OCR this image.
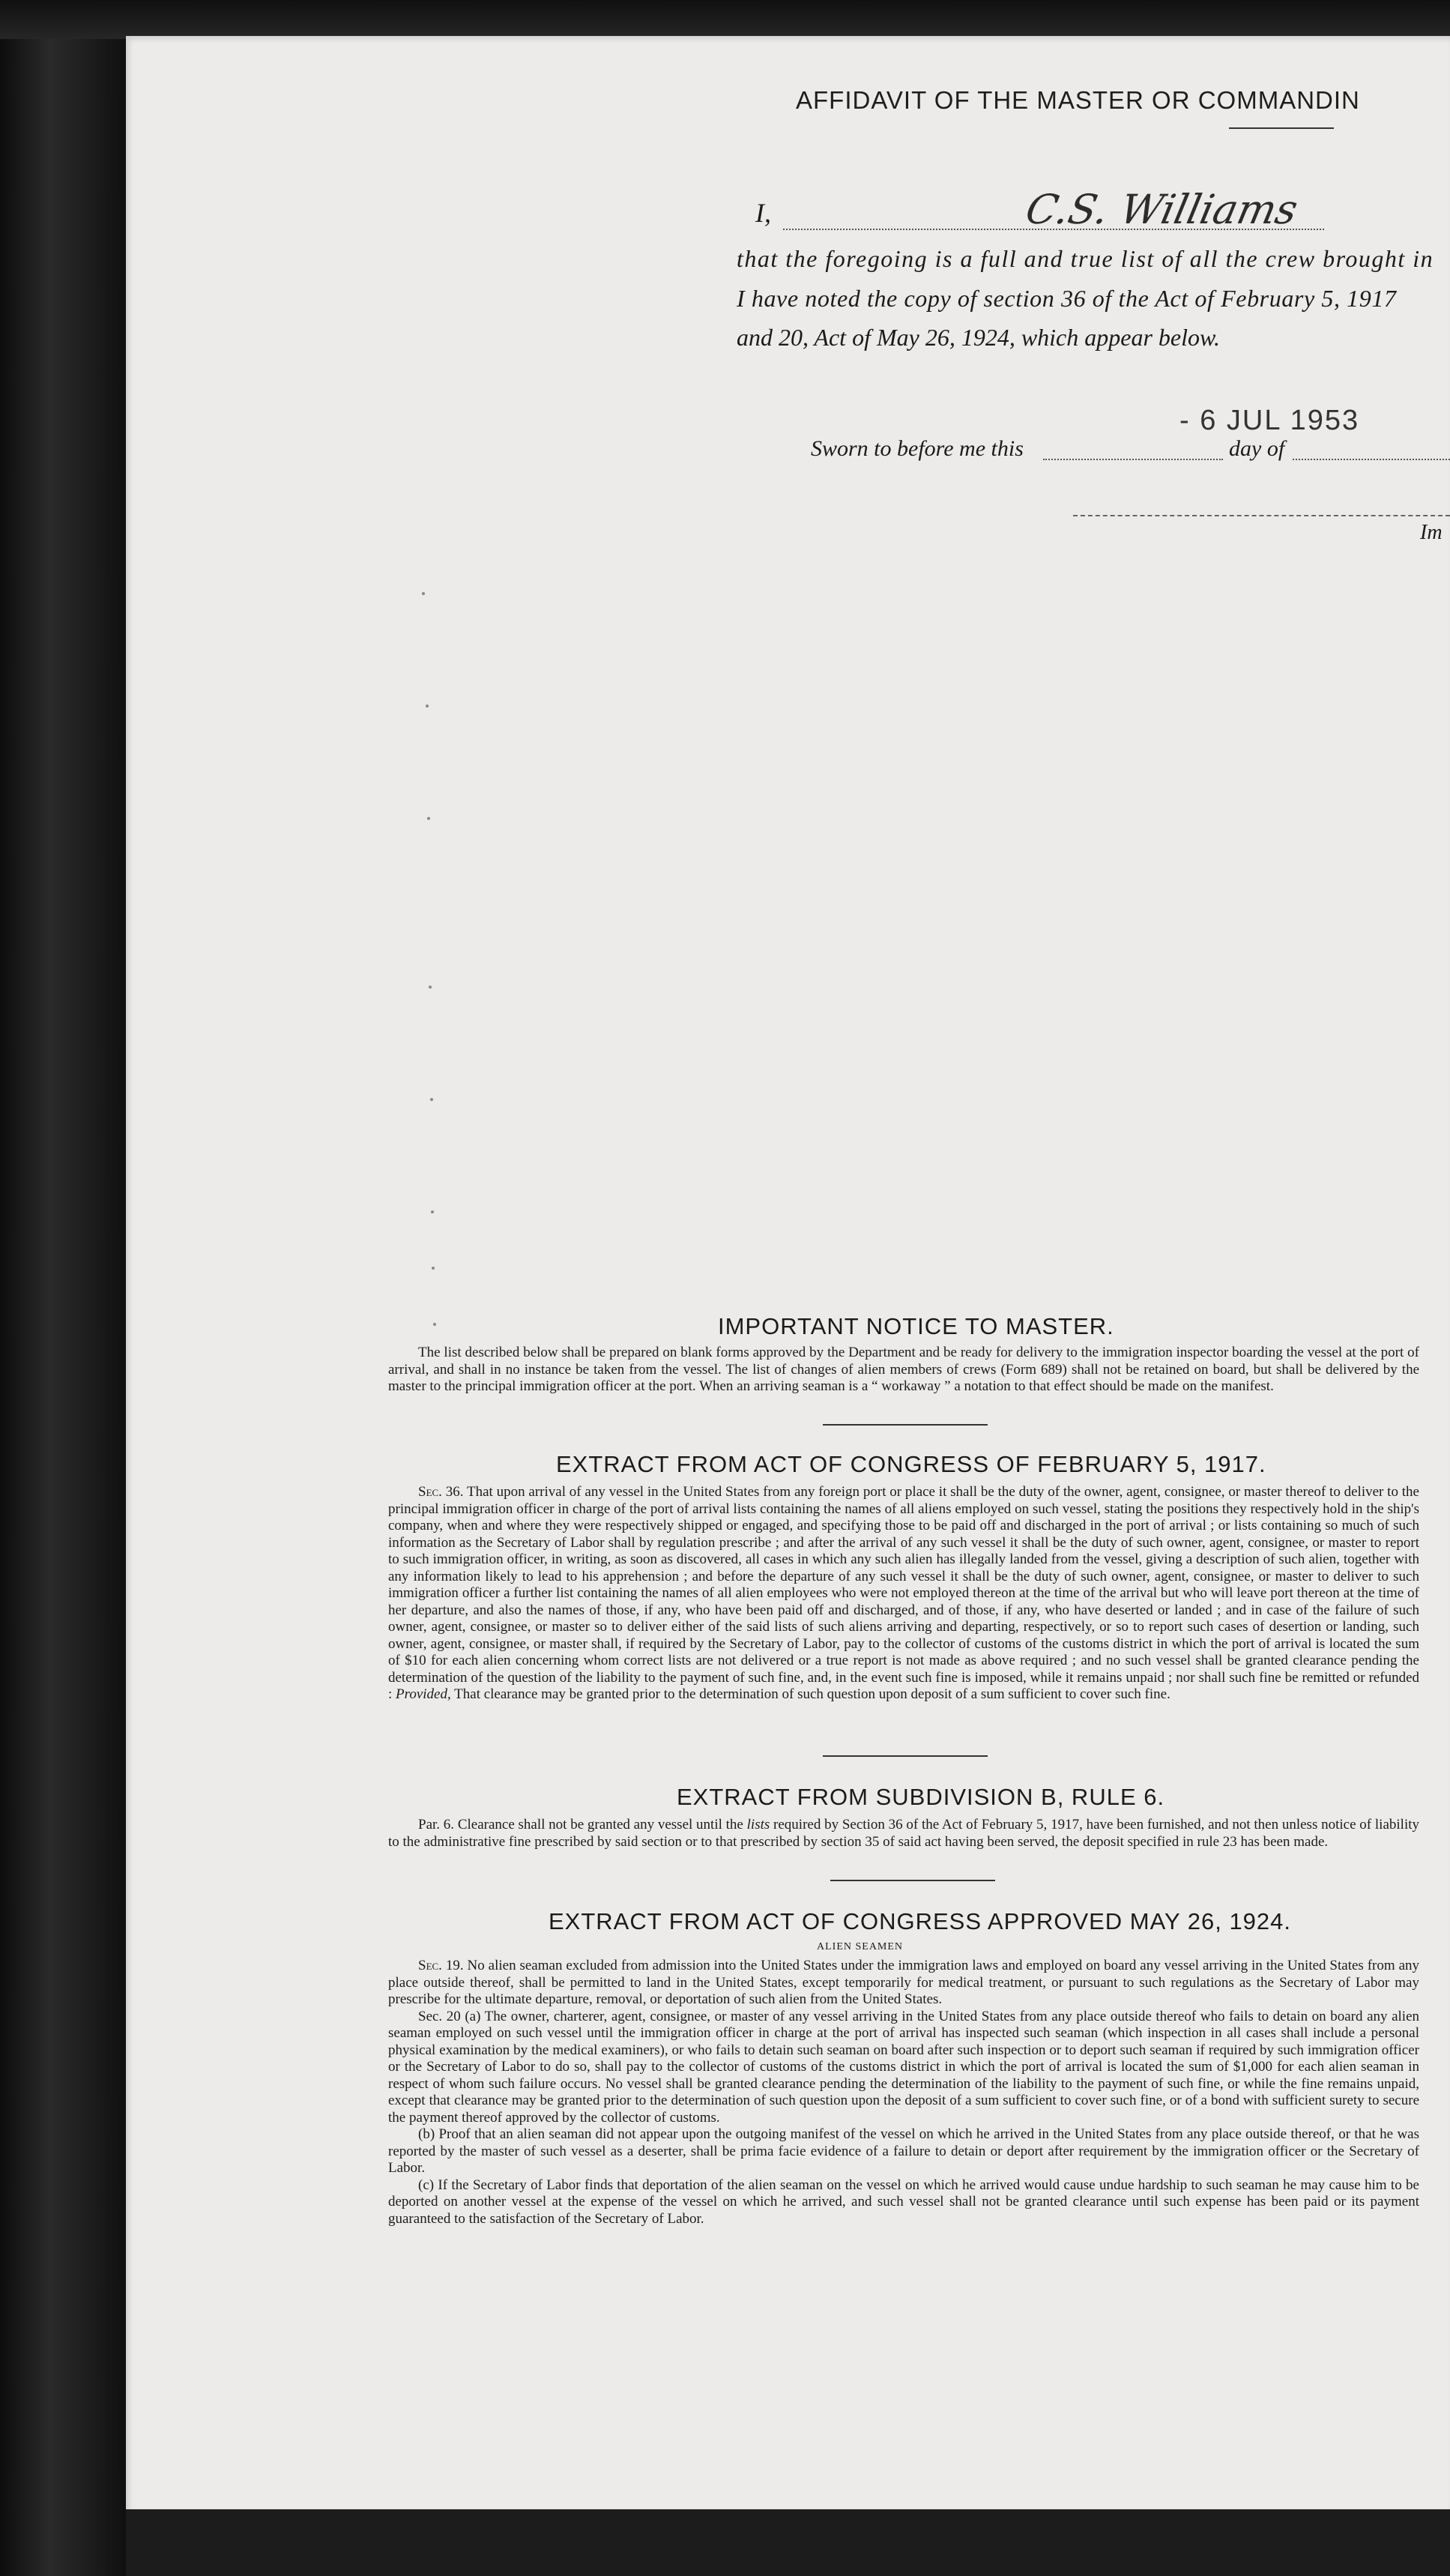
AFFIDAVIT OF THE MASTER OR COMMANDIN
I,	C.S. Williams
that the foregoing is a full and true list of all the crew brought in
I have noted the copy of section 36 of the Act of February 5, 1917
and 20, Act of May 26, 1924, which appear below.
- 6 JUL 1953
Sworn to before me this	day of
Im
IMPORTANT NOTICE TO MASTER.

The list described below shall be prepared on blank forms approved by the Department and be ready for delivery to the immigration inspector boarding the vessel at the port of arrival, and shall in no instance be taken from the vessel. The list of changes of alien members of crews (Form 689) shall not be retained on board, but shall be delivered by the master to the principal immigration officer at the port. When an arriving seaman is a “ workaway ” a notation to that effect should be made on the manifest.

EXTRACT FROM ACT OF CONGRESS OF FEBRUARY 5, 1917.

Sec. 36. That upon arrival of any vessel in the United States from any foreign port or place it shall be the duty of the owner, agent, consignee, or master thereof to deliver to the principal immigration officer in charge of the port of arrival lists containing the names of all aliens employed on such vessel, stating the positions they respectively hold in the ship's company, when and where they were respectively shipped or engaged, and specifying those to be paid off and discharged in the port of arrival ; or lists containing so much of such information as the Secretary of Labor shall by regulation prescribe ; and after the arrival of any such vessel it shall be the duty of such owner, agent, consignee, or master to report to such immigration officer, in writing, as soon as discovered, all cases in which any such alien has illegally landed from the vessel, giving a description of such alien, together with any information likely to lead to his apprehension ; and before the departure of any such vessel it shall be the duty of such owner, agent, consignee, or master to deliver to such immigration officer a further list containing the names of all alien employees who were not employed thereon at the time of the arrival but who will leave port thereon at the time of her departure, and also the names of those, if any, who have been paid off and discharged, and of those, if any, who have deserted or landed ; and in case of the failure of such owner, agent, consignee, or master so to deliver either of the said lists of such aliens arriving and departing, respectively, or so to report such cases of desertion or landing, such owner, agent, consignee, or master shall, if required by the Secretary of Labor, pay to the collector of customs of the customs district in which the port of arrival is located the sum of $10 for each alien concerning whom correct lists are not delivered or a true report is not made as above required ; and no such vessel shall be granted clearance pending the determination of the question of the liability to the payment of such fine, and, in the event such fine is imposed, while it remains unpaid ; nor shall such fine be remitted or refunded : Provided, That clearance may be granted prior to the determination of such question upon deposit of a sum sufficient to cover such fine.

EXTRACT FROM SUBDIVISION B, RULE 6.

Par. 6. Clearance shall not be granted any vessel until the lists required by Section 36 of the Act of February 5, 1917, have been furnished, and not then unless notice of liability to the administrative fine prescribed by said section or to that prescribed by section 35 of said act having been served, the deposit specified in rule 23 has been made.

EXTRACT FROM ACT OF CONGRESS APPROVED MAY 26, 1924.
ALIEN SEAMEN

Sec. 19. No alien seaman excluded from admission into the United States under the immigration laws and employed on board any vessel arriving in the United States from any place outside thereof, shall be permitted to land in the United States, except temporarily for medical treatment, or pursuant to such regulations as the Secretary of Labor may prescribe for the ultimate departure, removal, or deportation of such alien from the United States.

Sec. 20 (a) The owner, charterer, agent, consignee, or master of any vessel arriving in the United States from any place outside thereof who fails to detain on board any alien seaman employed on such vessel until the immigration officer in charge at the port of arrival has inspected such seaman (which inspection in all cases shall include a personal physical examination by the medical examiners), or who fails to detain such seaman on board after such inspection or to deport such seaman if required by such immigration officer or the Secretary of Labor to do so, shall pay to the collector of customs of the customs district in which the port of arrival is located the sum of $1,000 for each alien seaman in respect of whom such failure occurs. No vessel shall be granted clearance pending the determination of the liability to the payment of such fine, or while the fine remains unpaid, except that clearance may be granted prior to the determination of such question upon the deposit of a sum sufficient to cover such fine, or of a bond with sufficient surety to secure the payment thereof approved by the collector of customs.

(b) Proof that an alien seaman did not appear upon the outgoing manifest of the vessel on which he arrived in the United States from any place outside thereof, or that he was reported by the master of such vessel as a deserter, shall be prima facie evidence of a failure to detain or deport after requirement by the immigration officer or the Secretary of Labor.

(c) If the Secretary of Labor finds that deportation of the alien seaman on the vessel on which he arrived would cause undue hardship to such seaman he may cause him to be deported on another vessel at the expense of the vessel on which he arrived, and such vessel shall not be granted clearance until such expense has been paid or its payment guaranteed to the satisfaction of the Secretary of Labor.
